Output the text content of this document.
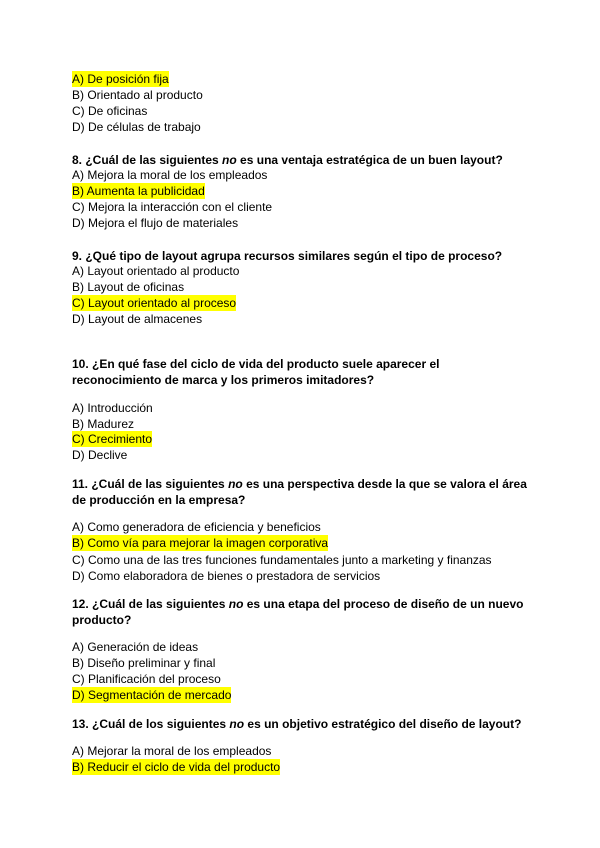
A) De posición fija
B) Orientado al producto
C) De oficinas
D) De células de trabajo
8. ¿Cuál de las siguientes no es una ventaja estratégica de un buen layout?
A) Mejora la moral de los empleados
B) Aumenta la publicidad
C) Mejora la interacción con el cliente
D) Mejora el flujo de materiales
9. ¿Qué tipo de layout agrupa recursos similares según el tipo de proceso?
A) Layout orientado al producto
B) Layout de oficinas
C) Layout orientado al proceso
D) Layout de almacenes
10. ¿En qué fase del ciclo de vida del producto suele aparecer el reconocimiento de marca y los primeros imitadores?
A) Introducción
B) Madurez
C) Crecimiento
D) Declive
11. ¿Cuál de las siguientes no es una perspectiva desde la que se valora el área de producción en la empresa?
A) Como generadora de eficiencia y beneficios
B) Como vía para mejorar la imagen corporativa
C) Como una de las tres funciones fundamentales junto a marketing y finanzas
D) Como elaboradora de bienes o prestadora de servicios
12. ¿Cuál de las siguientes no es una etapa del proceso de diseño de un nuevo producto?
A) Generación de ideas
B) Diseño preliminar y final
C) Planificación del proceso
D) Segmentación de mercado
13. ¿Cuál de los siguientes no es un objetivo estratégico del diseño de layout?
A) Mejorar la moral de los empleados
B) Reducir el ciclo de vida del producto
